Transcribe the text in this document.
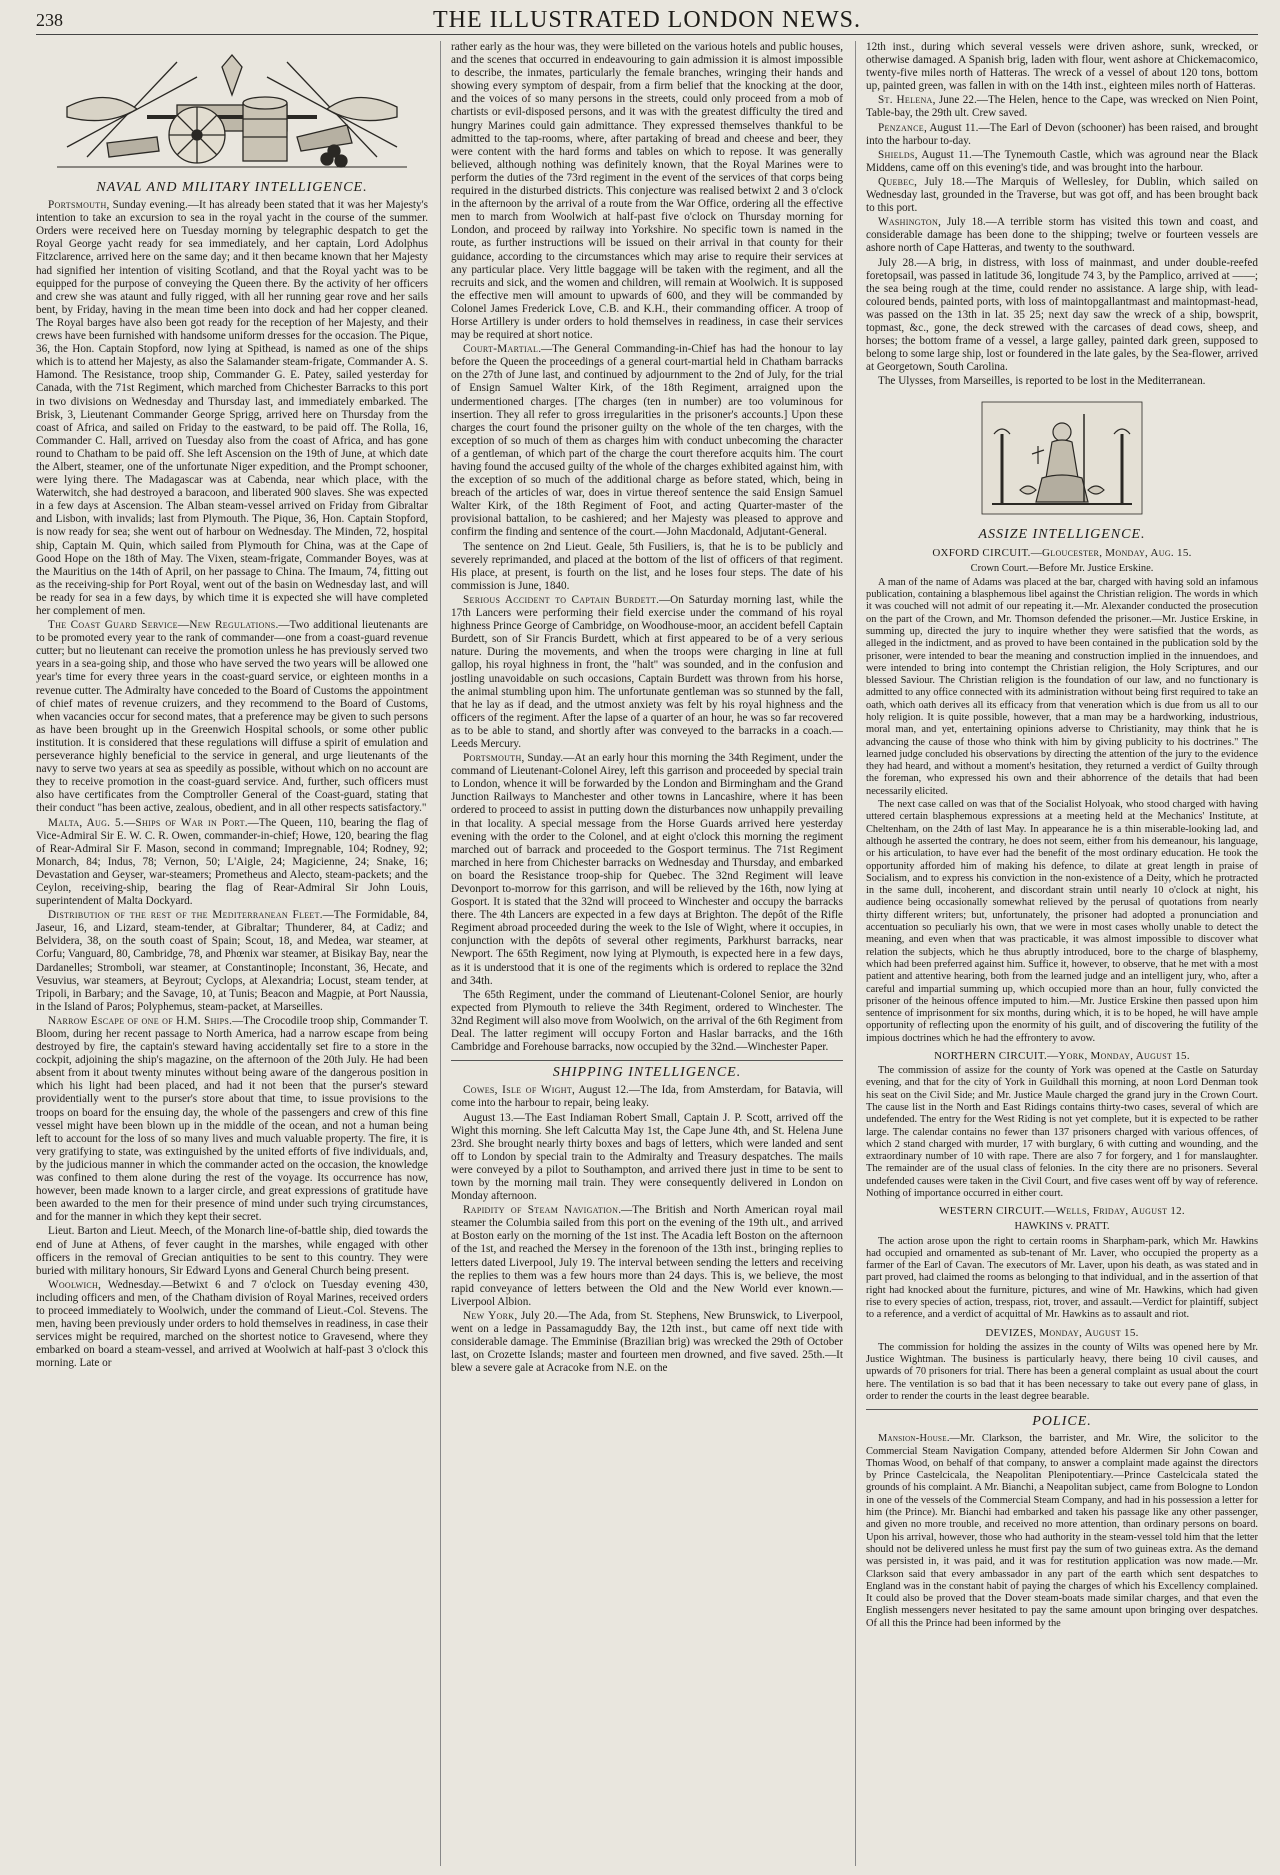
238	THE ILLUSTRATED LONDON NEWS.
NAVAL AND MILITARY INTELLIGENCE.

Portsmouth, Sunday evening.—It has already been stated that it was her Majesty's intention to take an excursion to sea in the royal yacht in the course of the summer. Orders were received here on Tuesday morning by telegraphic despatch to get the Royal George yacht ready for sea immediately, and her captain, Lord Adolphus Fitzclarence, arrived here on the same day; and it then became known that her Majesty had signified her intention of visiting Scotland, and that the Royal yacht was to be equipped for the purpose of conveying the Queen there. By the activity of her officers and crew she was ataunt and fully rigged, with all her running gear rove and her sails bent, by Friday, having in the mean time been into dock and had her copper cleaned. The Royal barges have also been got ready for the reception of her Majesty, and their crews have been furnished with handsome uniform dresses for the occasion. The Pique, 36, the Hon. Captain Stopford, now lying at Spithead, is named as one of the ships which is to attend her Majesty, as also the Salamander steam-frigate, Commander A. S. Hamond. The Resistance, troop ship, Commander G. E. Patey, sailed yesterday for Canada, with the 71st Regiment, which marched from Chichester Barracks to this port in two divisions on Wednesday and Thursday last, and immediately embarked. The Brisk, 3, Lieutenant Commander George Sprigg, arrived here on Thursday from the coast of Africa, and sailed on Friday to the eastward, to be paid off. The Rolla, 16, Commander C. Hall, arrived on Tuesday also from the coast of Africa, and has gone round to Chatham to be paid off. She left Ascension on the 19th of June, at which date the Albert, steamer, one of the unfortunate Niger expedition, and the Prompt schooner, were lying there. The Madagascar was at Cabenda, near which place, with the Waterwitch, she had destroyed a baracoon, and liberated 900 slaves. She was expected in a few days at Ascension. The Alban steam-vessel arrived on Friday from Gibraltar and Lisbon, with invalids; last from Plymouth. The Pique, 36, Hon. Captain Stopford, is now ready for sea; she went out of harbour on Wednesday. The Minden, 72, hospital ship, Captain M. Quin, which sailed from Plymouth for China, was at the Cape of Good Hope on the 18th of May. The Vixen, steam-frigate, Commander Boyes, was at the Mauritius on the 14th of April, on her passage to China. The Imaum, 74, fitting out as the receiving-ship for Port Royal, went out of the basin on Wednesday last, and will be ready for sea in a few days, by which time it is expected she will have completed her complement of men.

The Coast Guard Service—New Regulations.—Two additional lieutenants are to be promoted every year to the rank of commander—one from a coast-guard revenue cutter; but no lieutenant can receive the promotion unless he has previously served two years in a sea-going ship, and those who have served the two years will be allowed one year's time for every three years in the coast-guard service, or eighteen months in a revenue cutter. The Admiralty have conceded to the Board of Customs the appointment of chief mates of revenue cruizers, and they recommend to the Board of Customs, when vacancies occur for second mates, that a preference may be given to such persons as have been brought up in the Greenwich Hospital schools, or some other public institution. It is considered that these regulations will diffuse a spirit of emulation and perseverance highly beneficial to the service in general, and urge lieutenants of the navy to serve two years at sea as speedily as possible, without which on no account are they to receive promotion in the coast-guard service. And, further, such officers must also have certificates from the Comptroller General of the Coast-guard, stating that their conduct "has been active, zealous, obedient, and in all other respects satisfactory."

Malta, Aug. 5.—Ships of War in Port.—The Queen, 110, bearing the flag of Vice-Admiral Sir E. W. C. R. Owen, commander-in-chief; Howe, 120, bearing the flag of Rear-Admiral Sir F. Mason, second in command; Impregnable, 104; Rodney, 92; Monarch, 84; Indus, 78; Vernon, 50; L'Aigle, 24; Magicienne, 24; Snake, 16; Devastation and Geyser, war-steamers; Prometheus and Alecto, steam-packets; and the Ceylon, receiving-ship, bearing the flag of Rear-Admiral Sir John Louis, superintendent of Malta Dockyard.

Distribution of the rest of the Mediterranean Fleet.—The Formidable, 84, Jaseur, 16, and Lizard, steam-tender, at Gibraltar; Thunderer, 84, at Cadiz; and Belvidera, 38, on the south coast of Spain; Scout, 18, and Medea, war steamer, at Corfu; Vanguard, 80, Cambridge, 78, and Phœnix war steamer, at Bisikay Bay, near the Dardanelles; Stromboli, war steamer, at Constantinople; Inconstant, 36, Hecate, and Vesuvius, war steamers, at Beyrout; Cyclops, at Alexandria; Locust, steam tender, at Tripoli, in Barbary; and the Savage, 10, at Tunis; Beacon and Magpie, at Port Naussia, in the Island of Paros; Polyphemus, steam-packet, at Marseilles.

Narrow Escape of one of H.M. Ships.—The Crocodile troop ship, Commander T. Bloom, during her recent passage to North America, had a narrow escape from being destroyed by fire, the captain's steward having accidentally set fire to a store in the cockpit, adjoining the ship's magazine, on the afternoon of the 20th July. He had been absent from it about twenty minutes without being aware of the dangerous position in which his light had been placed, and had it not been that the purser's steward providentially went to the purser's store about that time, to issue provisions to the troops on board for the ensuing day, the whole of the passengers and crew of this fine vessel might have been blown up in the middle of the ocean, and not a human being left to account for the loss of so many lives and much valuable property. The fire, it is very gratifying to state, was extinguished by the united efforts of five individuals, and, by the judicious manner in which the commander acted on the occasion, the knowledge was confined to them alone during the rest of the voyage. Its occurrence has now, however, been made known to a larger circle, and great expressions of gratitude have been awarded to the men for their presence of mind under such trying circumstances, and for the manner in which they kept their secret.

Lieut. Barton and Lieut. Meech, of the Monarch line-of-battle ship, died towards the end of June at Athens, of fever caught in the marshes, while engaged with other officers in the removal of Grecian antiquities to be sent to this country. They were buried with military honours, Sir Edward Lyons and General Church being present.

Woolwich, Wednesday.—Betwixt 6 and 7 o'clock on Tuesday evening 430, including officers and men, of the Chatham division of Royal Marines, received orders to proceed immediately to Woolwich, under the command of Lieut.-Col. Stevens. The men, having been previously under orders to hold themselves in readiness, in case their services might be required, marched on the shortest notice to Gravesend, where they embarked on board a steam-vessel, and arrived at Woolwich at half-past 3 o'clock this morning. Late or

rather early as the hour was, they were billeted on the various hotels and public houses, and the scenes that occurred in endeavouring to gain admission it is almost impossible to describe, the inmates, particularly the female branches, wringing their hands and showing every symptom of despair, from a firm belief that the knocking at the door, and the voices of so many persons in the streets, could only proceed from a mob of chartists or evil-disposed persons, and it was with the greatest difficulty the tired and hungry Marines could gain admittance. They expressed themselves thankful to be admitted to the tap-rooms, where, after partaking of bread and cheese and beer, they were content with the hard forms and tables on which to repose. It was generally believed, although nothing was definitely known, that the Royal Marines were to perform the duties of the 73rd regiment in the event of the services of that corps being required in the disturbed districts. This conjecture was realised betwixt 2 and 3 o'clock in the afternoon by the arrival of a route from the War Office, ordering all the effective men to march from Woolwich at half-past five o'clock on Thursday morning for London, and proceed by railway into Yorkshire. No specific town is named in the route, as further instructions will be issued on their arrival in that county for their guidance, according to the circumstances which may arise to require their services at any particular place. Very little baggage will be taken with the regiment, and all the recruits and sick, and the women and children, will remain at Woolwich. It is supposed the effective men will amount to upwards of 600, and they will be commanded by Colonel James Frederick Love, C.B. and K.H., their commanding officer. A troop of Horse Artillery is under orders to hold themselves in readiness, in case their services may be required at short notice.

Court-Martial.—The General Commanding-in-Chief has had the honour to lay before the Queen the proceedings of a general court-martial held in Chatham barracks on the 27th of June last, and continued by adjournment to the 2nd of July, for the trial of Ensign Samuel Walter Kirk, of the 18th Regiment, arraigned upon the undermentioned charges. [The charges (ten in number) are too voluminous for insertion. They all refer to gross irregularities in the prisoner's accounts.] Upon these charges the court found the prisoner guilty on the whole of the ten charges, with the exception of so much of them as charges him with conduct unbecoming the character of a gentleman, of which part of the charge the court therefore acquits him. The court having found the accused guilty of the whole of the charges exhibited against him, with the exception of so much of the additional charge as before stated, which, being in breach of the articles of war, does in virtue thereof sentence the said Ensign Samuel Walter Kirk, of the 18th Regiment of Foot, and acting Quarter-master of the provisional battalion, to be cashiered; and her Majesty was pleased to approve and confirm the finding and sentence of the court.—John Macdonald, Adjutant-General.

The sentence on 2nd Lieut. Geale, 5th Fusiliers, is, that he is to be publicly and severely reprimanded, and placed at the bottom of the list of officers of that regiment. His place, at present, is fourth on the list, and he loses four steps. The date of his commission is June, 1840.

Serious Accident to Captain Burdett.—On Saturday morning last, while the 17th Lancers were performing their field exercise under the command of his royal highness Prince George of Cambridge, on Woodhouse-moor, an accident befell Captain Burdett, son of Sir Francis Burdett, which at first appeared to be of a very serious nature. During the movements, and when the troops were charging in line at full gallop, his royal highness in front, the "halt" was sounded, and in the confusion and jostling unavoidable on such occasions, Captain Burdett was thrown from his horse, the animal stumbling upon him. The unfortunate gentleman was so stunned by the fall, that he lay as if dead, and the utmost anxiety was felt by his royal highness and the officers of the regiment. After the lapse of a quarter of an hour, he was so far recovered as to be able to stand, and shortly after was conveyed to the barracks in a coach.—Leeds Mercury.

Portsmouth, Sunday.—At an early hour this morning the 34th Regiment, under the command of Lieutenant-Colonel Airey, left this garrison and proceeded by special train to London, whence it will be forwarded by the London and Birmingham and the Grand Junction Railways to Manchester and other towns in Lancashire, where it has been ordered to proceed to assist in putting down the disturbances now unhappily prevailing in that locality. A special message from the Horse Guards arrived here yesterday evening with the order to the Colonel, and at eight o'clock this morning the regiment marched out of barrack and proceeded to the Gosport terminus. The 71st Regiment marched in here from Chichester barracks on Wednesday and Thursday, and embarked on board the Resistance troop-ship for Quebec. The 32nd Regiment will leave Devonport to-morrow for this garrison, and will be relieved by the 16th, now lying at Gosport. It is stated that the 32nd will proceed to Winchester and occupy the barracks there. The 4th Lancers are expected in a few days at Brighton. The depôt of the Rifle Regiment abroad proceeded during the week to the Isle of Wight, where it occupies, in conjunction with the depôts of several other regiments, Parkhurst barracks, near Newport. The 65th Regiment, now lying at Plymouth, is expected here in a few days, as it is understood that it is one of the regiments which is ordered to replace the 32nd and 34th.

The 65th Regiment, under the command of Lieutenant-Colonel Senior, are hourly expected from Plymouth to relieve the 34th Regiment, ordered to Winchester. The 32nd Regiment will also move from Woolwich, on the arrival of the 6th Regiment from Deal. The latter regiment will occupy Forton and Haslar barracks, and the 16th Cambridge and Forehouse barracks, now occupied by the 32nd.—Winchester Paper.

SHIPPING INTELLIGENCE.

Cowes, Isle of Wight, August 12.—The Ida, from Amsterdam, for Batavia, will come into the harbour to repair, being leaky.

August 13.—The East Indiaman Robert Small, Captain J. P. Scott, arrived off the Wight this morning. She left Calcutta May 1st, the Cape June 4th, and St. Helena June 23rd. She brought nearly thirty boxes and bags of letters, which were landed and sent off to London by special train to the Admiralty and Treasury despatches. The mails were conveyed by a pilot to Southampton, and arrived there just in time to be sent to town by the morning mail train. They were consequently delivered in London on Monday afternoon.

Rapidity of Steam Navigation.—The British and North American royal mail steamer the Columbia sailed from this port on the evening of the 19th ult., and arrived at Boston early on the morning of the 1st inst. The Acadia left Boston on the afternoon of the 1st, and reached the Mersey in the forenoon of the 13th inst., bringing replies to letters dated Liverpool, July 19. The interval between sending the letters and receiving the replies to them was a few hours more than 24 days. This is, we believe, the most rapid conveyance of letters between the Old and the New World ever known.—Liverpool Albion.

New York, July 20.—The Ada, from St. Stephens, New Brunswick, to Liverpool, went on a ledge in Passamaguddy Bay, the 12th inst., but came off next tide with considerable damage. The Emminise (Brazilian brig) was wrecked the 29th of October last, on Crozette Islands; master and fourteen men drowned, and five saved. 25th.—It blew a severe gale at Acracoke from N.E. on the

12th inst., during which several vessels were driven ashore, sunk, wrecked, or otherwise damaged. A Spanish brig, laden with flour, went ashore at Chickemacomico, twenty-five miles north of Hatteras. The wreck of a vessel of about 120 tons, bottom up, painted green, was fallen in with on the 14th inst., eighteen miles north of Hatteras.

St. Helena, June 22.—The Helen, hence to the Cape, was wrecked on Nien Point, Table-bay, the 29th ult. Crew saved.

Penzance, August 11.—The Earl of Devon (schooner) has been raised, and brought into the harbour to-day.

Shields, August 11.—The Tynemouth Castle, which was aground near the Black Middens, came off on this evening's tide, and was brought into the harbour.

Quebec, July 18.—The Marquis of Wellesley, for Dublin, which sailed on Wednesday last, grounded in the Traverse, but was got off, and has been brought back to this port.

Washington, July 18.—A terrible storm has visited this town and coast, and considerable damage has been done to the shipping; twelve or fourteen vessels are ashore north of Cape Hatteras, and twenty to the southward.

July 28.—A brig, in distress, with loss of mainmast, and under double-reefed foretopsail, was passed in latitude 36, longitude 74 3, by the Pamplico, arrived at ——; the sea being rough at the time, could render no assistance. A large ship, with lead-coloured bends, painted ports, with loss of maintopgallantmast and maintopmast-head, was passed on the 13th in lat. 35 25; next day saw the wreck of a ship, bowsprit, topmast, &c., gone, the deck strewed with the carcases of dead cows, sheep, and horses; the bottom frame of a vessel, a large galley, painted dark green, supposed to belong to some large ship, lost or foundered in the late gales, by the Sea-flower, arrived at Georgetown, South Carolina.

The Ulysses, from Marseilles, is reported to be lost in the Mediterranean.

ASSIZE INTELLIGENCE.
OXFORD CIRCUIT.—Gloucester, Monday, Aug. 15.
Crown Court.—Before Mr. Justice Erskine.

A man of the name of Adams was placed at the bar, charged with having sold an infamous publication, containing a blasphemous libel against the Christian religion. The words in which it was couched will not admit of our repeating it.—Mr. Alexander conducted the prosecution on the part of the Crown, and Mr. Thomson defended the prisoner.—Mr. Justice Erskine, in summing up, directed the jury to inquire whether they were satisfied that the words, as alleged in the indictment, and as proved to have been contained in the publication sold by the prisoner, were intended to bear the meaning and construction implied in the innuendoes, and were intended to bring into contempt the Christian religion, the Holy Scriptures, and our blessed Saviour. The Christian religion is the foundation of our law, and no functionary is admitted to any office connected with its administration without being first required to take an oath, which oath derives all its efficacy from that veneration which is due from us all to our holy religion. It is quite possible, however, that a man may be a hardworking, industrious, moral man, and yet, entertaining opinions adverse to Christianity, may think that he is advancing the cause of those who think with him by giving publicity to his doctrines." The learned judge concluded his observations by directing the attention of the jury to the evidence they had heard, and without a moment's hesitation, they returned a verdict of Guilty through the foreman, who expressed his own and their abhorrence of the details that had been necessarily elicited.

The next case called on was that of the Socialist Holyoak, who stood charged with having uttered certain blasphemous expressions at a meeting held at the Mechanics' Institute, at Cheltenham, on the 24th of last May. In appearance he is a thin miserable-looking lad, and although he asserted the contrary, he does not seem, either from his demeanour, his language, or his articulation, to have ever had the benefit of the most ordinary education. He took the opportunity afforded him of making his defence, to dilate at great length in praise of Socialism, and to express his conviction in the non-existence of a Deity, which he protracted in the same dull, incoherent, and discordant strain until nearly 10 o'clock at night, his audience being occasionally somewhat relieved by the perusal of quotations from nearly thirty different writers; but, unfortunately, the prisoner had adopted a pronunciation and accentuation so peculiarly his own, that we were in most cases wholly unable to detect the meaning, and even when that was practicable, it was almost impossible to discover what relation the subjects, which he thus abruptly introduced, bore to the charge of blasphemy, which had been preferred against him. Suffice it, however, to observe, that he met with a most patient and attentive hearing, both from the learned judge and an intelligent jury, who, after a careful and impartial summing up, which occupied more than an hour, fully convicted the prisoner of the heinous offence imputed to him.—Mr. Justice Erskine then passed upon him sentence of imprisonment for six months, during which, it is to be hoped, he will have ample opportunity of reflecting upon the enormity of his guilt, and of discovering the futility of the impious doctrines which he had the effrontery to avow.

NORTHERN CIRCUIT.—York, Monday, August 15.

The commission of assize for the county of York was opened at the Castle on Saturday evening, and that for the city of York in Guildhall this morning, at noon Lord Denman took his seat on the Civil Side; and Mr. Justice Maule charged the grand jury in the Crown Court. The cause list in the North and East Ridings contains thirty-two cases, several of which are undefended. The entry for the West Riding is not yet complete, but it is expected to be rather large. The calendar contains no fewer than 137 prisoners charged with various offences, of which 2 stand charged with murder, 17 with burglary, 6 with cutting and wounding, and the extraordinary number of 10 with rape. There are also 7 for forgery, and 1 for manslaughter. The remainder are of the usual class of felonies. In the city there are no prisoners. Several undefended causes were taken in the Civil Court, and five cases went off by way of reference. Nothing of importance occurred in either court.

WESTERN CIRCUIT.—Wells, Friday, August 12.
HAWKINS v. PRATT.

The action arose upon the right to certain rooms in Sharpham-park, which Mr. Hawkins had occupied and ornamented as sub-tenant of Mr. Laver, who occupied the property as a farmer of the Earl of Cavan. The executors of Mr. Laver, upon his death, as was stated and in part proved, had claimed the rooms as belonging to that individual, and in the assertion of that right had knocked about the furniture, pictures, and wine of Mr. Hawkins, which had given rise to every species of action, trespass, riot, trover, and assault.—Verdict for plaintiff, subject to a reference, and a verdict of acquittal of Mr. Hawkins as to assault and riot.

DEVIZES, Monday, August 15.

The commission for holding the assizes in the county of Wilts was opened here by Mr. Justice Wightman. The business is particularly heavy, there being 10 civil causes, and upwards of 70 prisoners for trial. There has been a general complaint as usual about the court here. The ventilation is so bad that it has been necessary to take out every pane of glass, in order to render the courts in the least degree bearable.

POLICE.

Mansion-House.—Mr. Clarkson, the barrister, and Mr. Wire, the solicitor to the Commercial Steam Navigation Company, attended before Aldermen Sir John Cowan and Thomas Wood, on behalf of that company, to answer a complaint made against the directors by Prince Castelcicala, the Neapolitan Plenipotentiary.—Prince Castelcicala stated the grounds of his complaint. A Mr. Bianchi, a Neapolitan subject, came from Bologne to London in one of the vessels of the Commercial Steam Company, and had in his possession a letter for him (the Prince). Mr. Bianchi had embarked and taken his passage like any other passenger, and given no more trouble, and received no more attention, than ordinary persons on board. Upon his arrival, however, those who had authority in the steam-vessel told him that the letter should not be delivered unless he must first pay the sum of two guineas extra. As the demand was persisted in, it was paid, and it was for restitution application was now made.—Mr. Clarkson said that every ambassador in any part of the earth which sent despatches to England was in the constant habit of paying the charges of which his Excellency complained. It could also be proved that the Dover steam-boats made similar charges, and that even the English messengers never hesitated to pay the same amount upon bringing over despatches. Of all this the Prince had been informed by the
